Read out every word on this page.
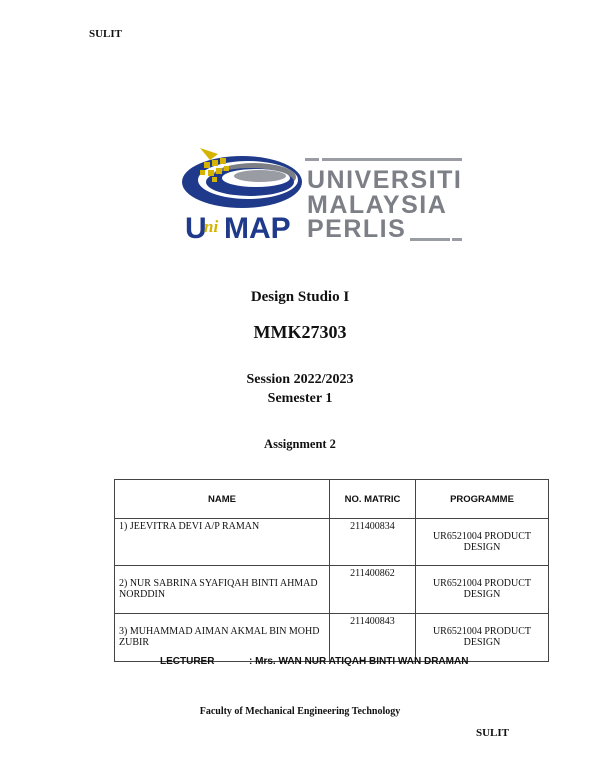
SULIT
U
ni MAP
UNIVERSITI
MALAYSIA
PERLIS
Design Studio I
MMK27303
Session 2022/2023
Semester 1
Assignment 2
NAME	NO. MATRIC	PROGRAMME
1) JEEVITRA DEVI A/P RAMAN	211400834	UR6521004 PRODUCT DESIGN
2) NUR SABRINA SYAFIQAH BINTI AHMAD NORDDIN	211400862	UR6521004 PRODUCT DESIGN
3) MUHAMMAD AIMAN AKMAL BIN MOHD ZUBIR	211400843	UR6521004 PRODUCT DESIGN
LECTURER	: Mrs. WAN NUR ATIQAH BINTI WAN DRAMAN
Faculty of Mechanical Engineering Technology
SULIT
